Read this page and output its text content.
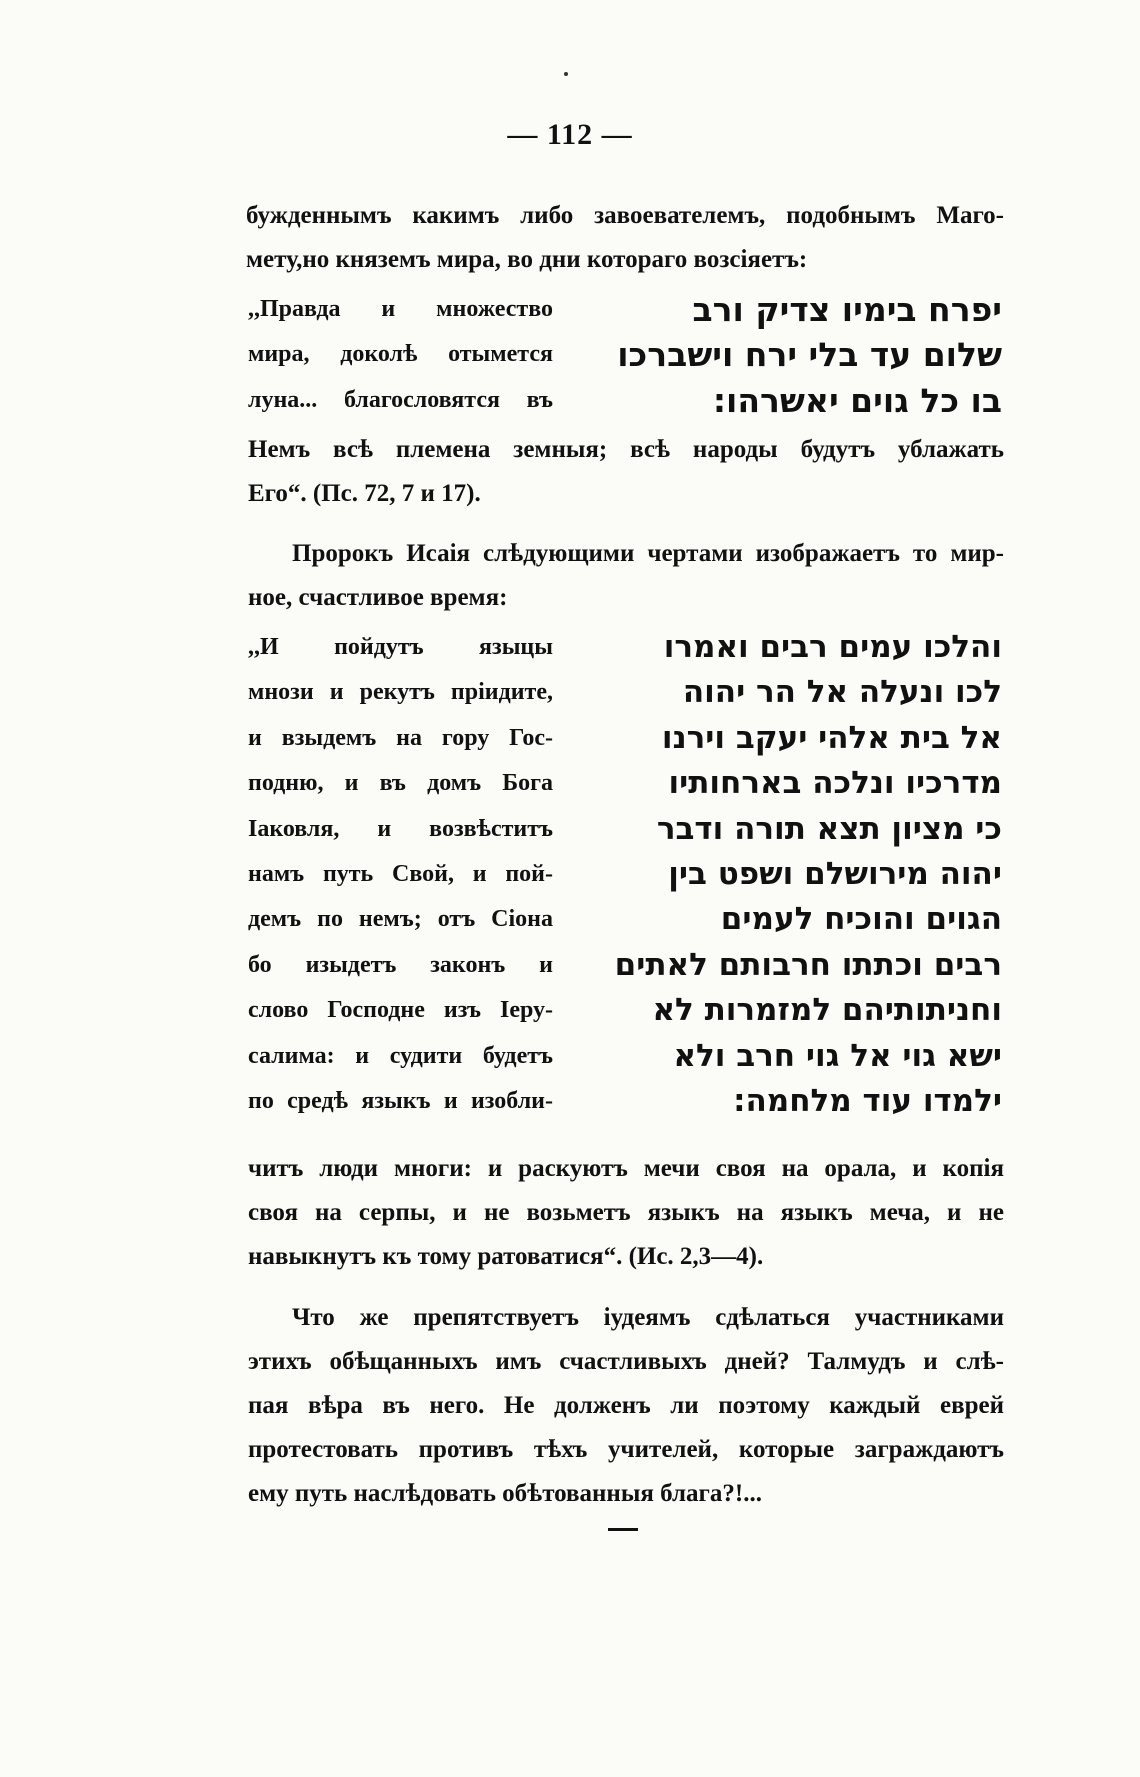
— 112 —
бужденнымъ какимъ либо завоевателемъ, подобнымъ Маго-
мету,но княземъ мира, во дни котораго возсіяетъ:
,,Правда и множество
мира, доколѣ отымется
луна... благословятся въ
יפרח בימיו צדיק ורב
שלום עד בלי ירח וישברכו
בו כל גוים יאשרהו:
Немъ всѣ племена земныя; всѣ народы будутъ ублажать
Его“. (Пс. 72, 7 и 17).
Пророкъ Исаія слѣдующими чертами изображаетъ то мир-
ное, счастливое время:
,,И пойдутъ языцы
мнози и рекутъ пріидите,
и взыдемъ на гору Гос-
подню, и въ домъ Бога
Іаковля, и возвѣститъ
намъ путь Свой, и пой-
демъ по немъ; отъ Сіона
бо изыдетъ законъ и
слово Господне изъ Іеру-
салима: и судити будетъ
по средѣ языкъ и изобли-
והלכו עמים רבים ואמרו
לכו ונעלה אל הר יהוה
אל בית אלהי יעקב וירנו
מדרכיו ונלכה בארחותיו
כי מציון תצא תורה ודבר
יהוה מירושלם ושפט בין
הגוים והוכיח לעמים
רבים וכתתו חרבותם לאתים
וחניתותיהם למזמרות לא
ישא גוי אל גוי חרב ולא
ילמדו עוד מלחמה:
читъ люди многи: и раскуютъ мечи своя на орала, и копія
своя на серпы, и не возьметъ языкъ на языкъ меча, и не
навыкнутъ къ тому ратоватися“. (Ис. 2,3—4).
Что же препятствуетъ іудеямъ сдѣлаться участниками
этихъ обѣщанныхъ имъ счастливыхъ дней? Талмудъ и слѣ-
пая вѣра въ него. Не долженъ ли поэтому каждый еврей
протестовать противъ тѣхъ учителей, которые заграждаютъ
ему путь наслѣдовать обѣтованныя блага?!...
